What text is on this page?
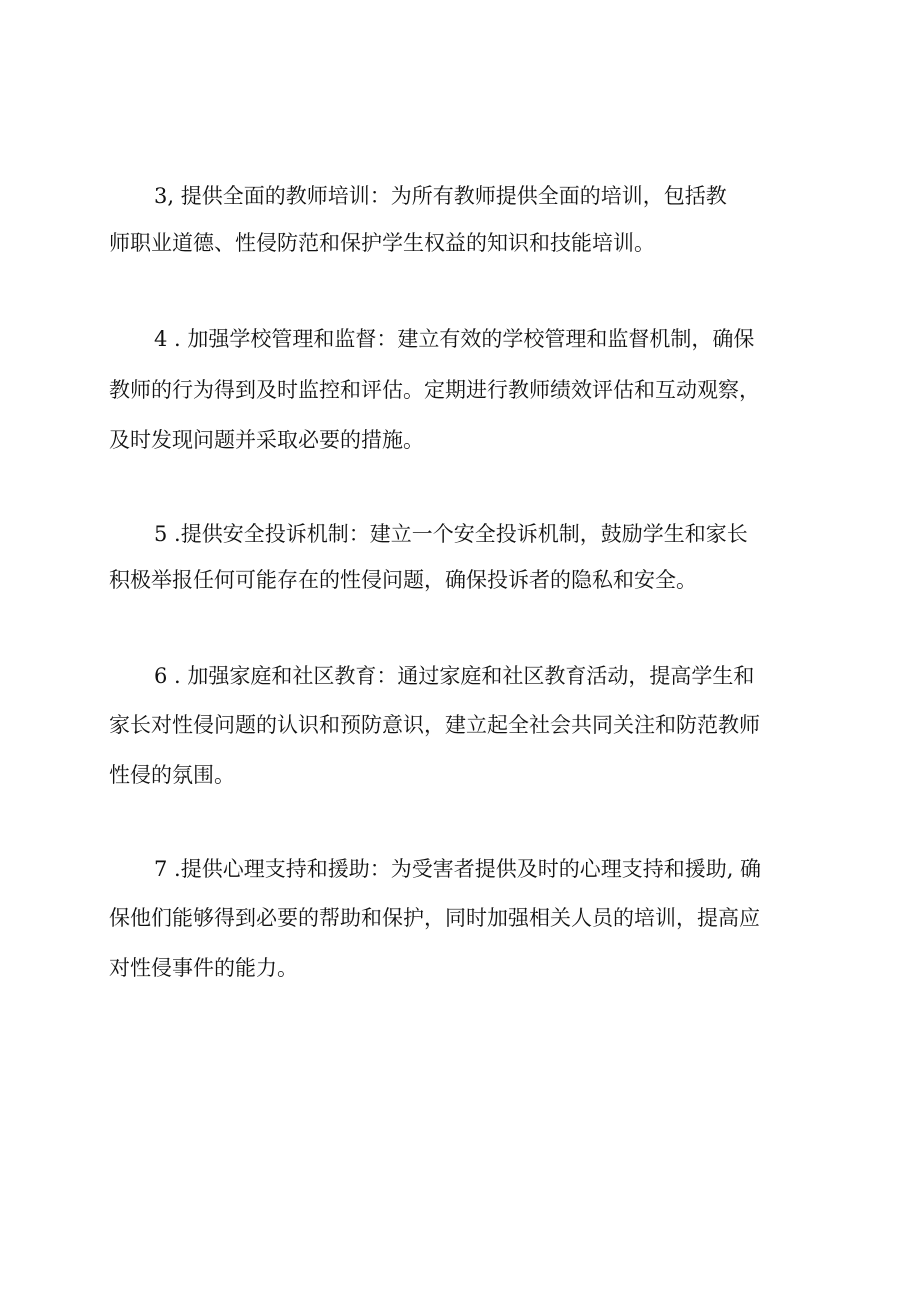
3, 提供全面的教师培训：为所有教师提供全面的培训，包括教
师职业道德、性侵防范和保护学生权益的知识和技能培训。
4 . 加强学校管理和监督：建立有效的学校管理和监督机制，确保
教师的行为得到及时监控和评估。定期进行教师绩效评估和互动观察，
及时发现问题并采取必要的措施。
5 .提供安全投诉机制：建立一个安全投诉机制，鼓励学生和家长
积极举报任何可能存在的性侵问题，确保投诉者的隐私和安全。
6 . 加强家庭和社区教育：通过家庭和社区教育活动，提高学生和
家长对性侵问题的认识和预防意识，建立起全社会共同关注和防范教师
性侵的氛围。
7 .提供心理支持和援助：为受害者提供及时的心理支持和援助, 确
保他们能够得到必要的帮助和保护，同时加强相关人员的培训，提高应
对性侵事件的能力。
